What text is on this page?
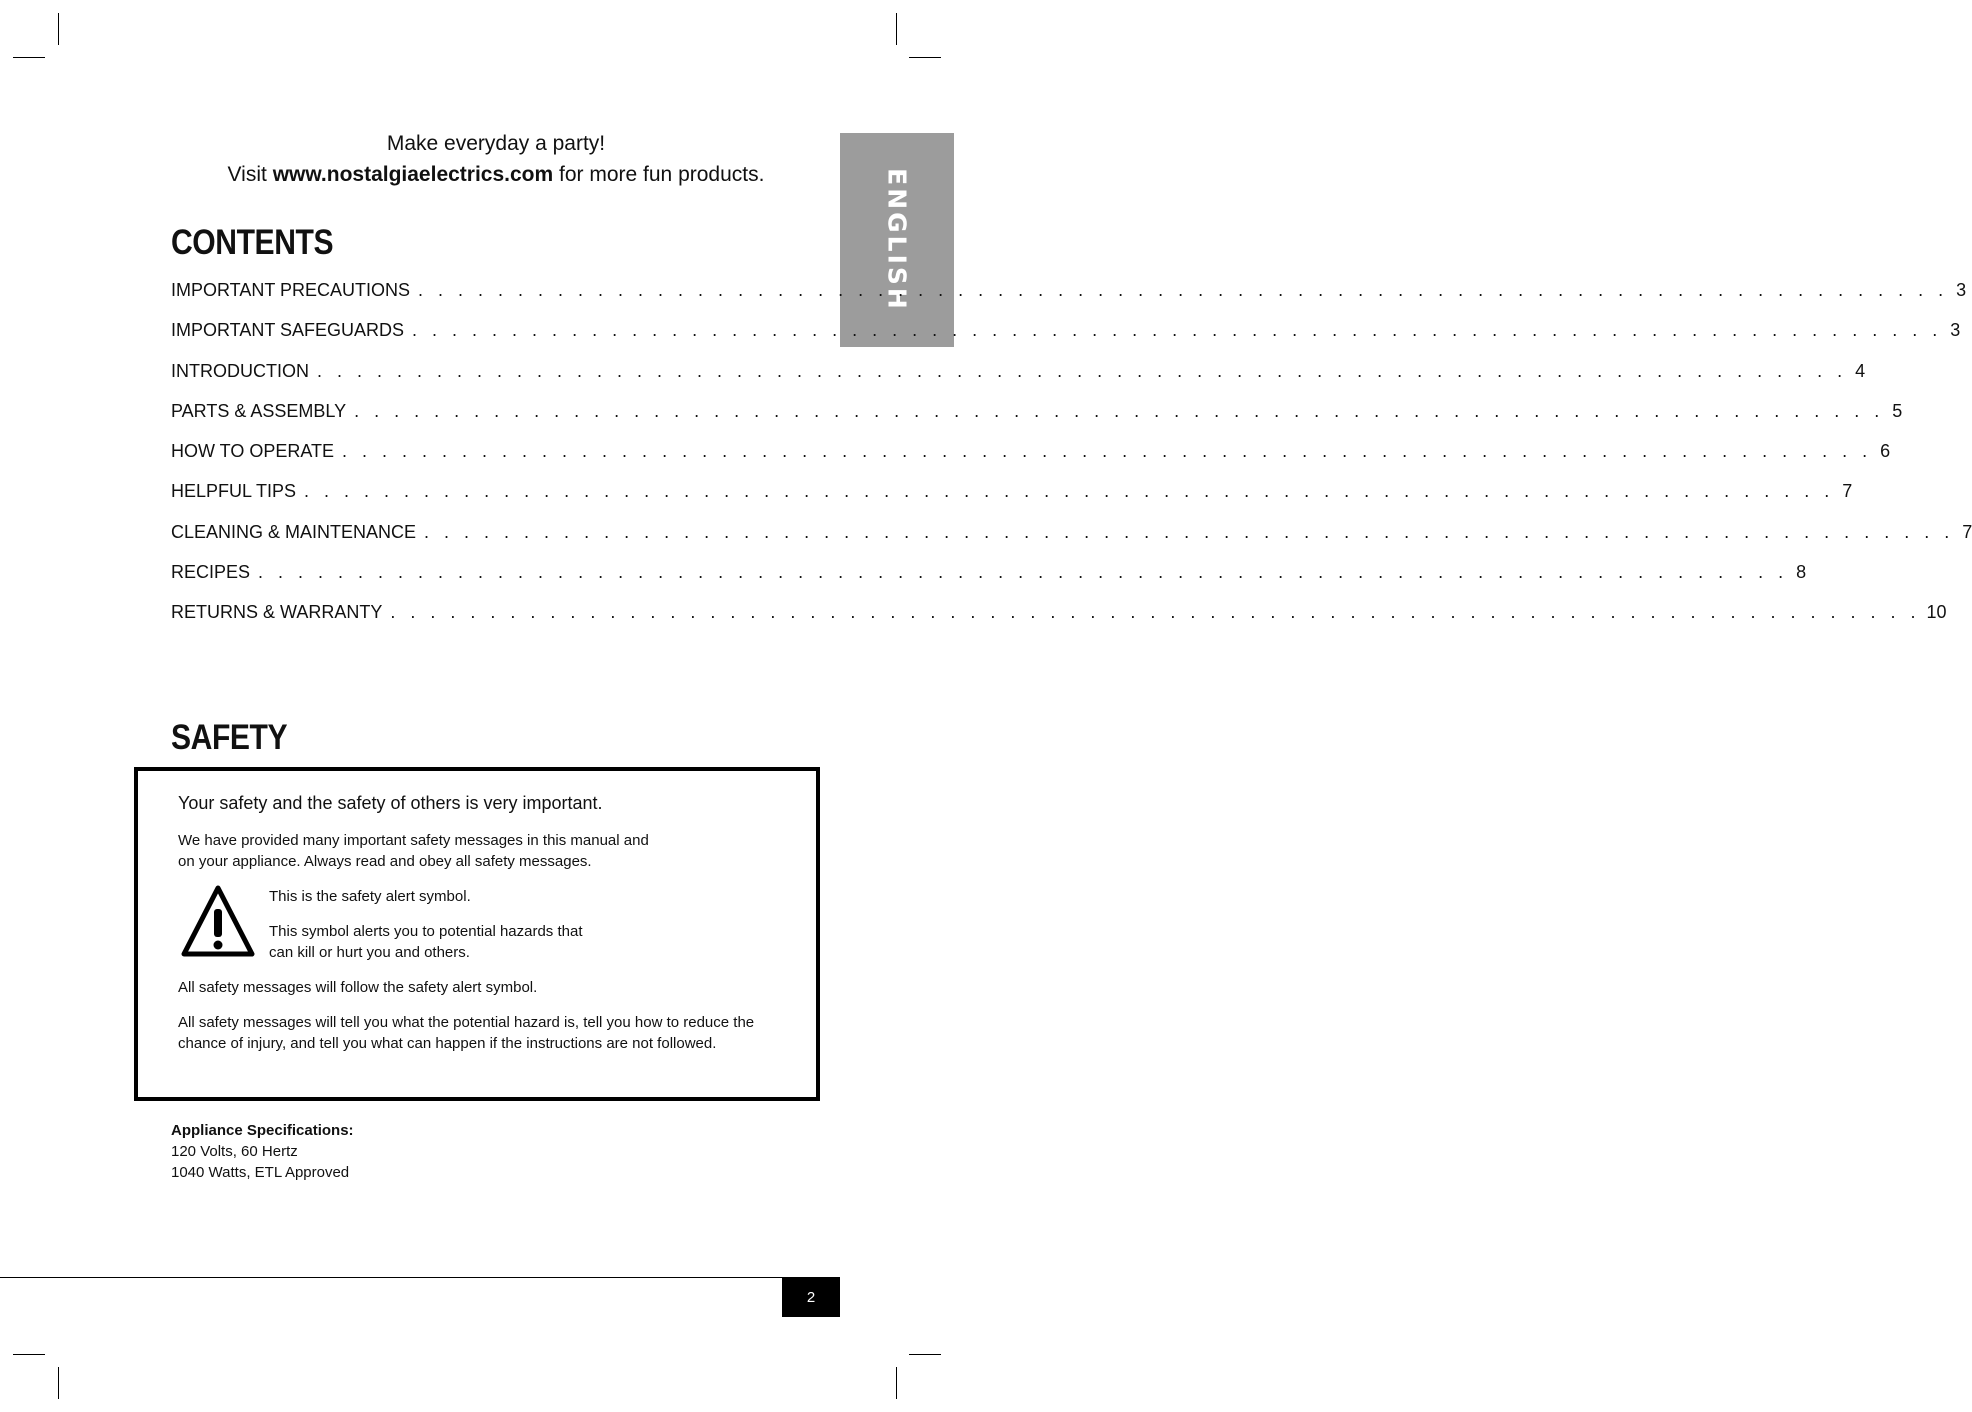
Make everyday a party!
Visit www.nostalgiaelectrics.com for more fun products.	ENGLISH
CONTENTS
IMPORTANT PRECAUTIONS . . . . . . . . . . . . . . . . . . . . . . . . . . . . . . . . . . . . . . . . . . . . . . . . . . . . . . . . . . . . . . . . . . . . . . . . . . . . . 3
IMPORTANT SAFEGUARDS . . . . . . . . . . . . . . . . . . . . . . . . . . . . . . . . . . . . . . . . . . . . . . . . . . . . . . . . . . . . . . . . . . . . . . . . . . . . . 3
INTRODUCTION . . . . . . . . . . . . . . . . . . . . . . . . . . . . . . . . . . . . . . . . . . . . . . . . . . . . . . . . . . . . . . . . . . . . . . . . . . . . . 4
PARTS & ASSEMBLY . . . . . . . . . . . . . . . . . . . . . . . . . . . . . . . . . . . . . . . . . . . . . . . . . . . . . . . . . . . . . . . . . . . . . . . . . . . . . 5
HOW TO OPERATE . . . . . . . . . . . . . . . . . . . . . . . . . . . . . . . . . . . . . . . . . . . . . . . . . . . . . . . . . . . . . . . . . . . . . . . . . . . . . 6
HELPFUL TIPS . . . . . . . . . . . . . . . . . . . . . . . . . . . . . . . . . . . . . . . . . . . . . . . . . . . . . . . . . . . . . . . . . . . . . . . . . . . . . 7
CLEANING & MAINTENANCE . . . . . . . . . . . . . . . . . . . . . . . . . . . . . . . . . . . . . . . . . . . . . . . . . . . . . . . . . . . . . . . . . . . . . . . . . . . . . 7
RECIPES . . . . . . . . . . . . . . . . . . . . . . . . . . . . . . . . . . . . . . . . . . . . . . . . . . . . . . . . . . . . . . . . . . . . . . . . . . . . . 8
RETURNS & WARRANTY . . . . . . . . . . . . . . . . . . . . . . . . . . . . . . . . . . . . . . . . . . . . . . . . . . . . . . . . . . . . . . . . . . . . . . . . . . . . . 10
SAFETY

Your safety and the safety of others is very important.

We have provided many important safety messages in this manual and
on your appliance. Always read and obey all safety messages.

This is the safety alert symbol.

This symbol alerts you to potential hazards that
can kill or hurt you and others.

All safety messages will follow the safety alert symbol.

All safety messages will tell you what the potential hazard is, tell you how to reduce the
chance of injury, and tell you what can happen if the instructions are not followed.

Appliance Specifications:
120 Volts, 60 Hertz
1040 Watts, ETL Approved
2
